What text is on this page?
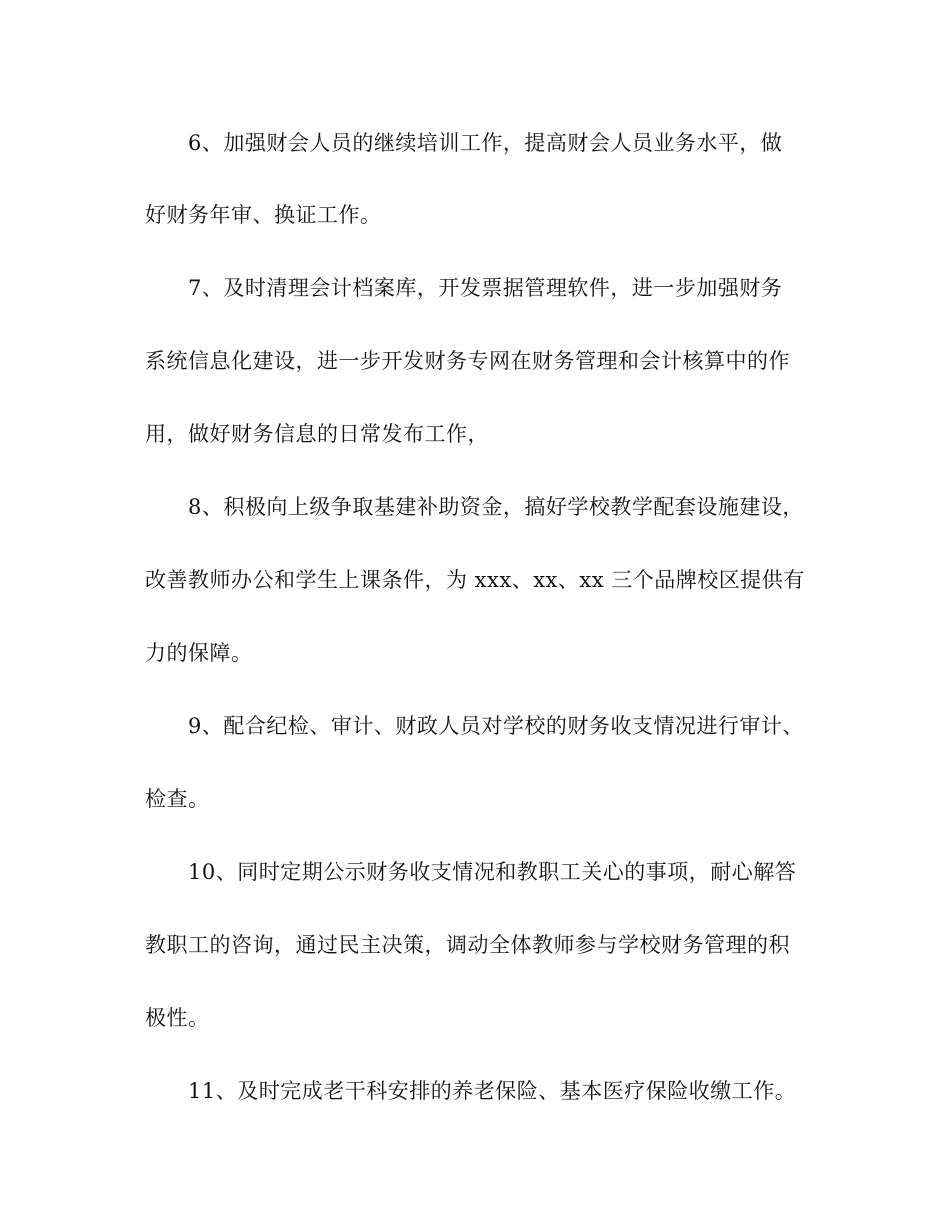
6、加强财会人员的继续培训工作，提高财会人员业务水平，做
好财务年审、换证工作。
7、及时清理会计档案库，开发票据管理软件，进一步加强财务
系统信息化建设，进一步开发财务专网在财务管理和会计核算中的作
用，做好财务信息的日常发布工作，
8、积极向上级争取基建补助资金，搞好学校教学配套设施建设，
改善教师办公和学生上课条件，为 xxx、xx、xx 三个品牌校区提供有
力的保障。
9、配合纪检、审计、财政人员对学校的财务收支情况进行审计、
检查。
10、同时定期公示财务收支情况和教职工关心的事项，耐心解答
教职工的咨询，通过民主决策，调动全体教师参与学校财务管理的积
极性。
11、及时完成老干科安排的养老保险、基本医疗保险收缴工作。
